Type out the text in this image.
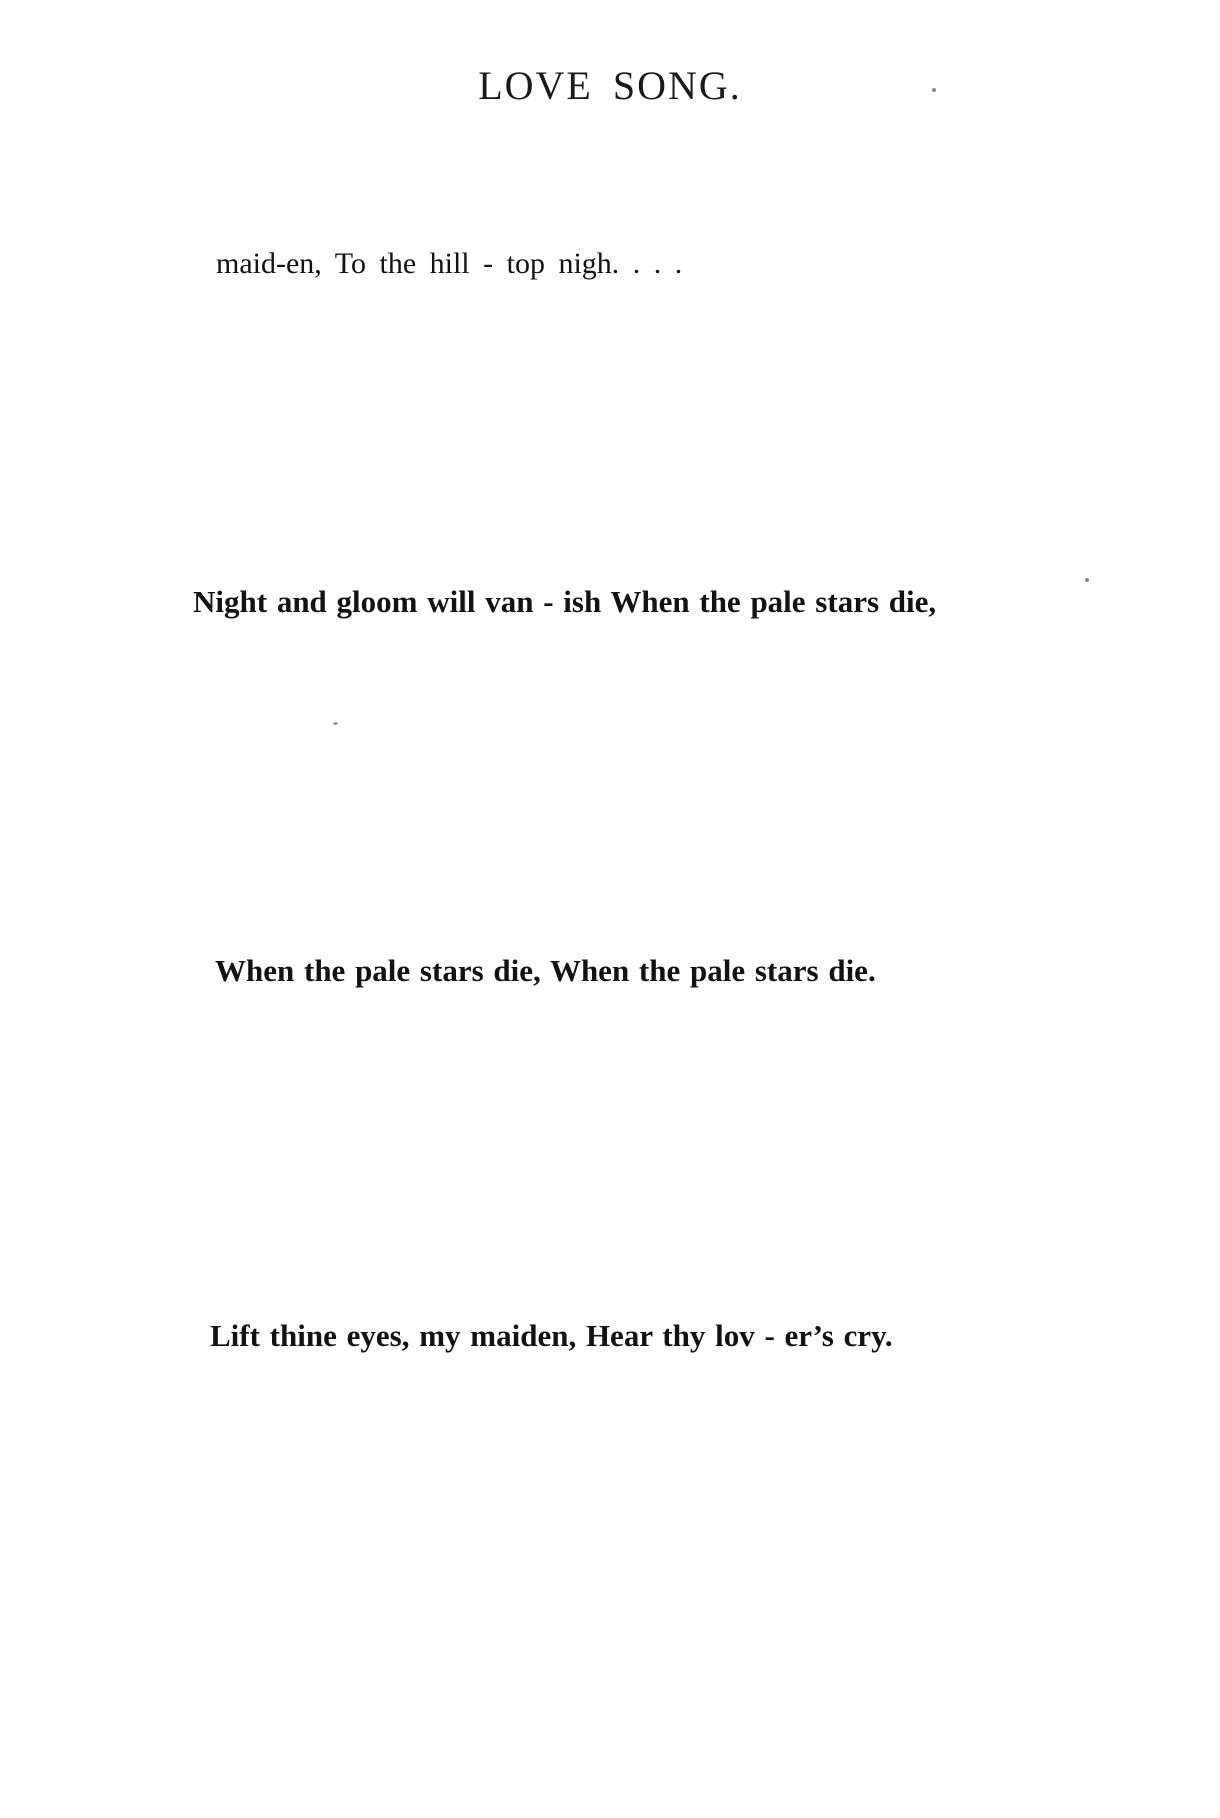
LOVE SONG.
maid-en, To the hill - top nigh. . . .
Night and gloom will van - ish When the pale stars die,
When the pale stars die, When the pale stars die.
Lift thine eyes, my maiden, Hear thy lov - er’s cry.
